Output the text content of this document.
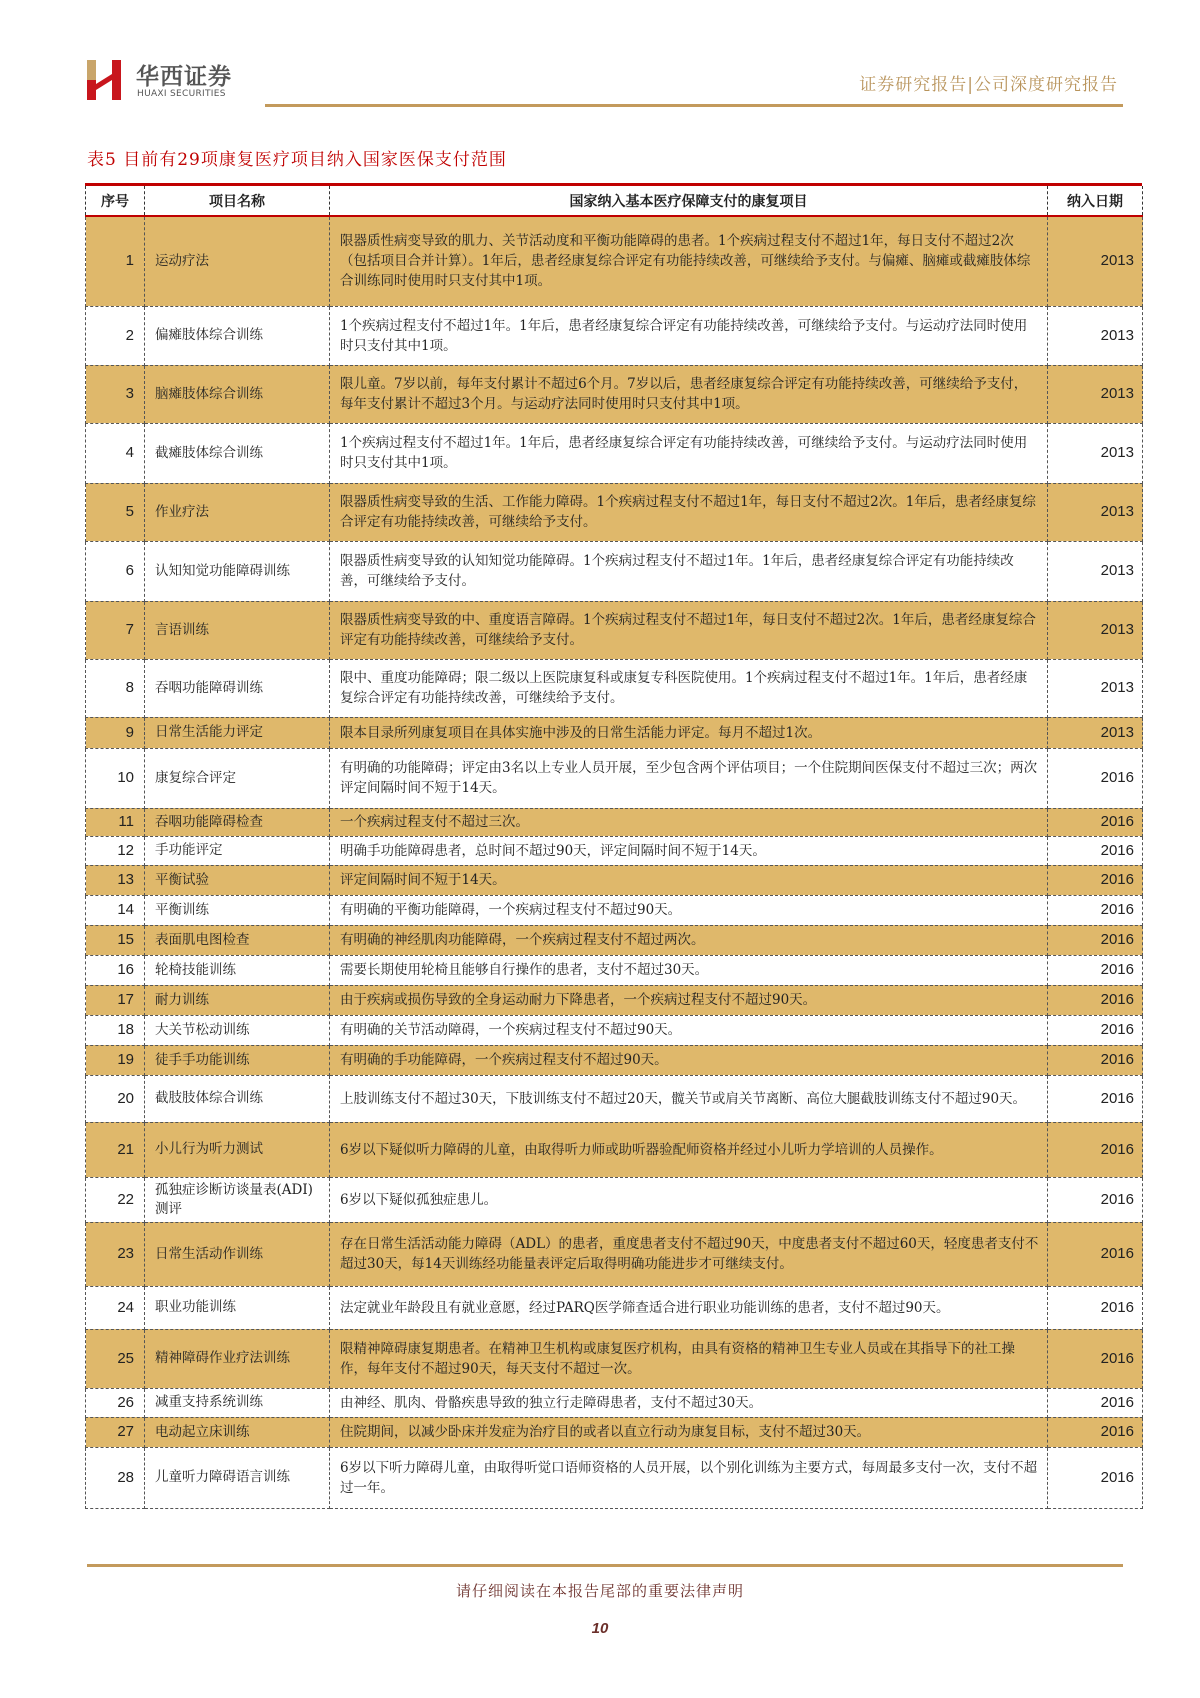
华西证券
HUAXI SECURITIES	证券研究报告|公司深度研究报告
表5 目前有29项康复医疗项目纳入国家医保支付范围
序号	项目名称	国家纳入基本医疗保障支付的康复项目	纳入日期
1	运动疗法	限器质性病变导致的肌力、关节活动度和平衡功能障碍的患者。1个疾病过程支付不超过1年，每日支付不超过2次（包括项目合并计算）。1年后，患者经康复综合评定有功能持续改善，可继续给予支付。与偏瘫、脑瘫或截瘫肢体综合训练同时使用时只支付其中1项。	2013
2	偏瘫肢体综合训练	1个疾病过程支付不超过1年。1年后，患者经康复综合评定有功能持续改善，可继续给予支付。与运动疗法同时使用时只支付其中1项。	2013
3	脑瘫肢体综合训练	限儿童。7岁以前，每年支付累计不超过6个月。7岁以后，患者经康复综合评定有功能持续改善，可继续给予支付，每年支付累计不超过3个月。与运动疗法同时使用时只支付其中1项。	2013
4	截瘫肢体综合训练	1个疾病过程支付不超过1年。1年后，患者经康复综合评定有功能持续改善，可继续给予支付。与运动疗法同时使用时只支付其中1项。	2013
5	作业疗法	限器质性病变导致的生活、工作能力障碍。1个疾病过程支付不超过1年，每日支付不超过2次。1年后，患者经康复综合评定有功能持续改善，可继续给予支付。	2013
6	认知知觉功能障碍训练	限器质性病变导致的认知知觉功能障碍。1个疾病过程支付不超过1年。1年后，患者经康复综合评定有功能持续改善，可继续给予支付。	2013
7	言语训练	限器质性病变导致的中、重度语言障碍。1个疾病过程支付不超过1年，每日支付不超过2次。1年后，患者经康复综合评定有功能持续改善，可继续给予支付。	2013
8	吞咽功能障碍训练	限中、重度功能障碍；限二级以上医院康复科或康复专科医院使用。1个疾病过程支付不超过1年。1年后，患者经康复综合评定有功能持续改善，可继续给予支付。	2013
9	日常生活能力评定	限本目录所列康复项目在具体实施中涉及的日常生活能力评定。每月不超过1次。	2013
10	康复综合评定	有明确的功能障碍；评定由3名以上专业人员开展，至少包含两个评估项目；一个住院期间医保支付不超过三次；两次评定间隔时间不短于14天。	2016
11	吞咽功能障碍检查	一个疾病过程支付不超过三次。	2016
12	手功能评定	明确手功能障碍患者，总时间不超过90天，评定间隔时间不短于14天。	2016
13	平衡试验	评定间隔时间不短于14天。	2016
14	平衡训练	有明确的平衡功能障碍，一个疾病过程支付不超过90天。	2016
15	表面肌电图检查	有明确的神经肌肉功能障碍，一个疾病过程支付不超过两次。	2016
16	轮椅技能训练	需要长期使用轮椅且能够自行操作的患者，支付不超过30天。	2016
17	耐力训练	由于疾病或损伤导致的全身运动耐力下降患者，一个疾病过程支付不超过90天。	2016
18	大关节松动训练	有明确的关节活动障碍，一个疾病过程支付不超过90天。	2016
19	徒手手功能训练	有明确的手功能障碍，一个疾病过程支付不超过90天。	2016
20	截肢肢体综合训练	上肢训练支付不超过30天，下肢训练支付不超过20天，髋关节或肩关节离断、高位大腿截肢训练支付不超过90天。	2016
21	小儿行为听力测试	6岁以下疑似听力障碍的儿童，由取得听力师或助听器验配师资格并经过小儿听力学培训的人员操作。	2016
22	孤独症诊断访谈量表(ADI)测评	6岁以下疑似孤独症患儿。	2016
23	日常生活动作训练	存在日常生活活动能力障碍（ADL）的患者，重度患者支付不超过90天，中度患者支付不超过60天，轻度患者支付不超过30天，每14天训练经功能量表评定后取得明确功能进步才可继续支付。	2016
24	职业功能训练	法定就业年龄段且有就业意愿，经过PARQ医学筛查适合进行职业功能训练的患者，支付不超过90天。	2016
25	精神障碍作业疗法训练	限精神障碍康复期患者。在精神卫生机构或康复医疗机构，由具有资格的精神卫生专业人员或在其指导下的社工操作，每年支付不超过90天，每天支付不超过一次。	2016
26	减重支持系统训练	由神经、肌肉、骨骼疾患导致的独立行走障碍患者，支付不超过30天。	2016
27	电动起立床训练	住院期间，以减少卧床并发症为治疗目的或者以直立行动为康复目标，支付不超过30天。	2016
28	儿童听力障碍语言训练	6岁以下听力障碍儿童，由取得听觉口语师资格的人员开展，以个别化训练为主要方式，每周最多支付一次，支付不超过一年。	2016
请仔细阅读在本报告尾部的重要法律声明
10
